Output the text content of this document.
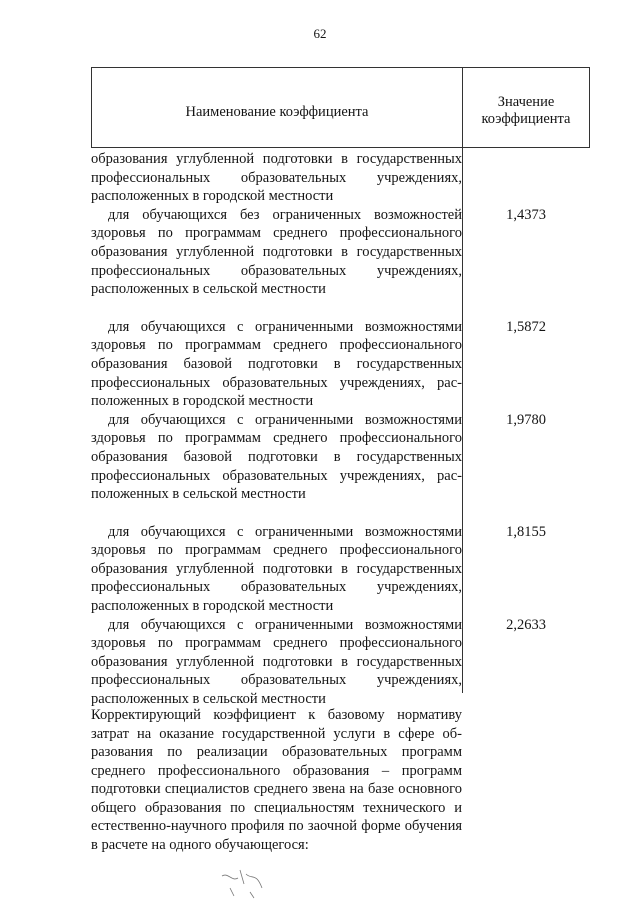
62
Наименование коэффициента
Значение коэффициента
образования углубленной подготовки в государственных профессиональных образовательных учреждениях, расположенных в городской местности
для обучающихся без ограниченных возможностей здоровья по программам среднего профессионального образования углубленной подготовки в государственных профессиональных образовательных учреждениях, расположенных в сельской местности
1,4373
для обучающихся с ограниченными возможностями здоровья по программам среднего профессионального образования базовой подготовки в государственных профессиональных образовательных учреждениях, расположенных в городской местности
1,5872
для обучающихся с ограниченными возможностями здоровья по программам среднего профессионального образования базовой подготовки в государственных профессиональных образовательных учреждениях, расположенных в сельской местности
1,9780
для обучающихся с ограниченными возможностями здоровья по программам среднего профессионального образования углубленной подготовки в государственных профессиональных образовательных учреждениях, расположенных в городской местности
1,8155
для обучающихся с ограниченными возможностями здоровья по программам среднего профессионального образования углубленной подготовки в государственных профессиональных образовательных учреждениях, расположенных в сельской местности
2,2633
Корректирующий коэффициент к базовому нормативу затрат на оказание государственной услуги в сфере образования по реализации образовательных программ среднего профессионального образования – программ подготовки специалистов среднего звена на базе основного общего образования по специальностям технического и естественно-научного профиля по заочной форме обучения в расчете на одного обучающегося:
